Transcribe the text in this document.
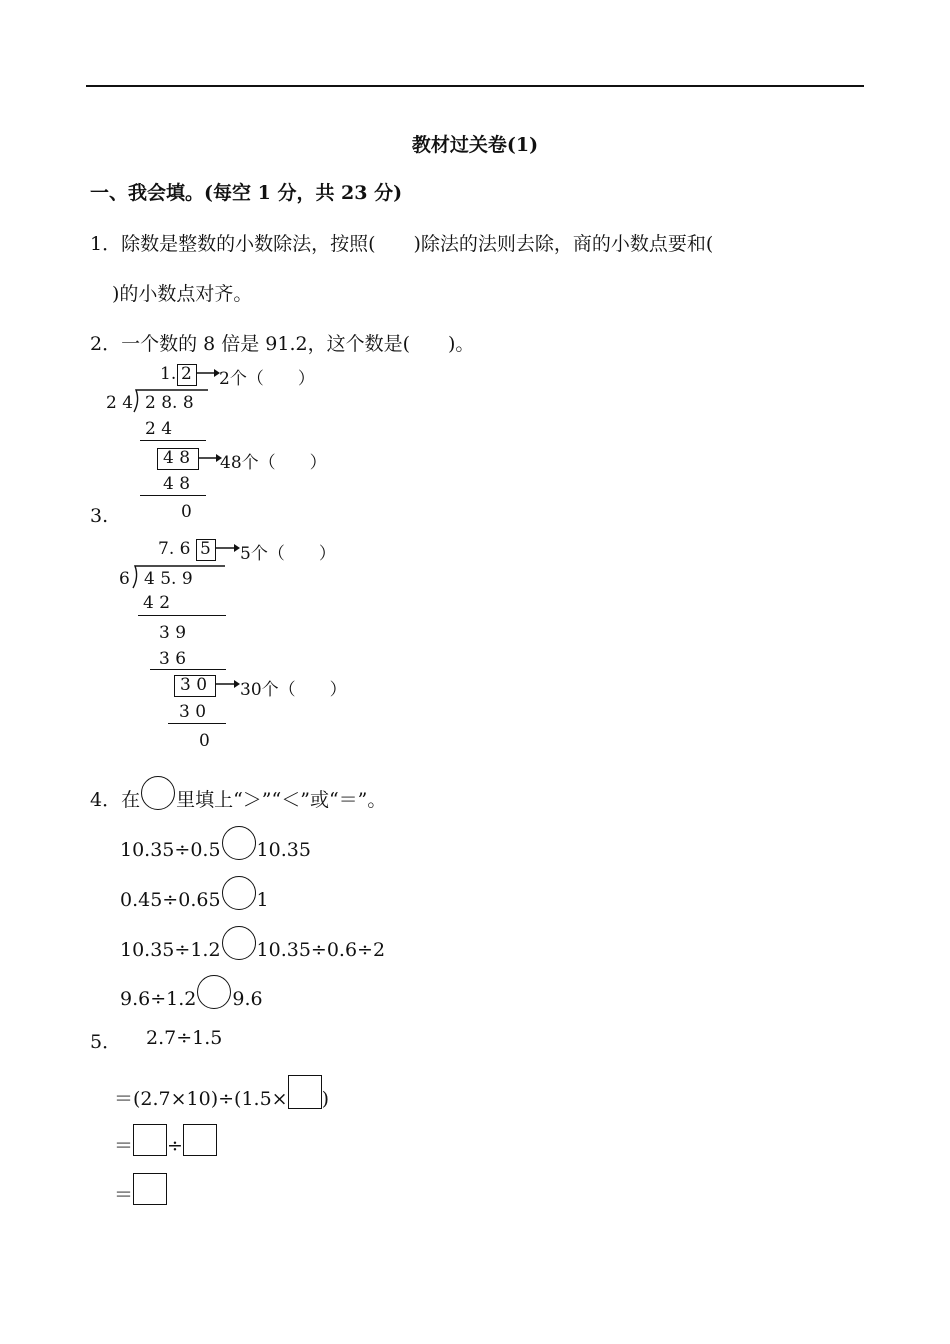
教材过关卷(1)
一、我会填。(每空 1 分，共 23 分)
1．除数是整数的小数除法，按照(　　)除法的法则去除，商的小数点要和(
)的小数点对齐。
2．一个数的 8 倍是 91.2，这个数是(　　)。
3.
1. 2 2个（　　）
2 4 2 8. 8
2 4
4 8 48个（　　）
4 8
0
7. 6 5 5个（　　）
6 4 5. 9
4 2
3 9
3 6
3 0 30个（　　）
3 0
0
4．在 里填上“＞”“＜”或“＝”。
10.35÷0.5 10.35
0.45÷0.65 1
10.35÷1.2 10.35÷0.6÷2
9.6÷1.2 9.6
5． 2.7÷1.5
＝(2.7×10)÷(1.5× )
＝ ÷
＝
